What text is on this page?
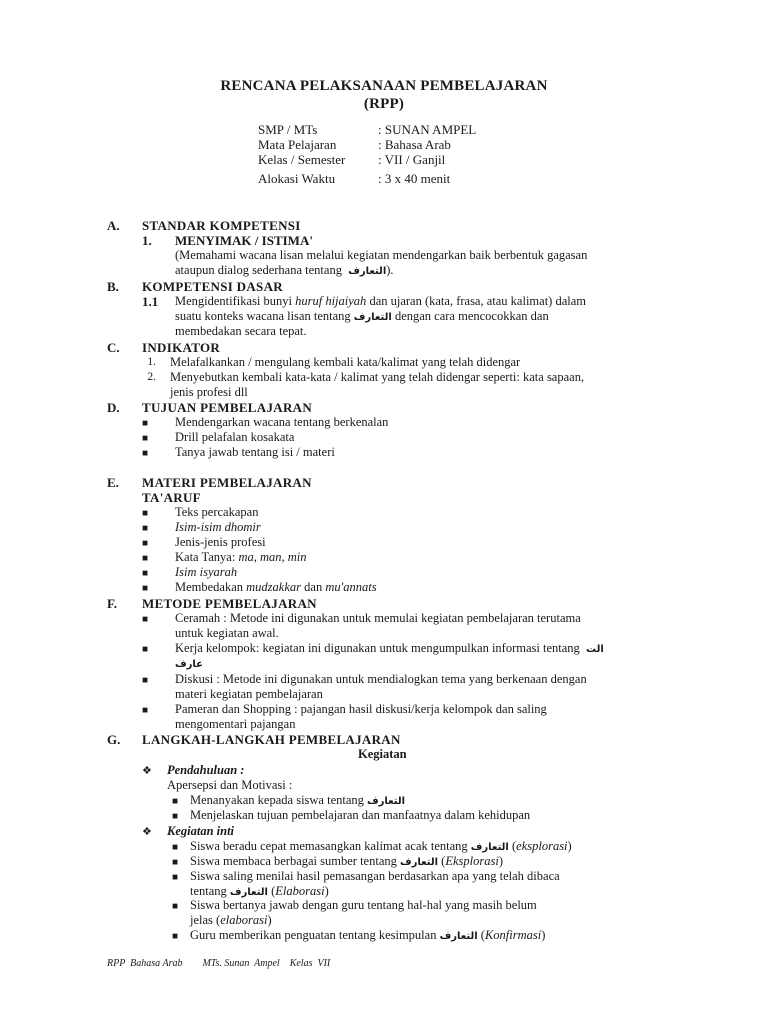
RENCANA PELAKSANAAN PEMBELAJARAN
(RPP)
SMP / MTs	: SUNAN AMPEL
Mata Pelajaran	: Bahasa Arab
Kelas / Semester	: VII / Ganjil
Alokasi Waktu	: 3 x 40 menit
A. STANDAR KOMPETENSI
1. MENYIMAK / ISTIMA'
(Memahami wacana lisan melalui kegiatan mendengarkan baik berbentuk gagasan
ataupun dialog sederhana tentang التعارف).
B. KOMPETENSI DASAR
1.1 Mengidentifikasi bunyi huruf hijaiyah dan ujaran (kata, frasa, atau kalimat) dalam
suatu konteks wacana lisan tentang التعارف dengan cara mencocokkan dan
membedakan secara tepat.
C. INDIKATOR
1. Melafalkankan / mengulang kembali kata/kalimat yang telah didengar
2. Menyebutkan kembali kata-kata / kalimat yang telah didengar seperti: kata sapaan,
jenis profesi dll
D. TUJUAN PEMBELAJARAN
■ Mendengarkan wacana tentang berkenalan
■ Drill pelafalan kosakata
■ Tanya jawab tentang isi / materi
E. MATERI PEMBELAJARAN
TA'ARUF
■ Teks percakapan
■ Isim-isim dhomir
■ Jenis-jenis profesi
■ Kata Tanya: ma, man, min
■ Isim isyarah
■ Membedakan mudzakkar dan mu'annats
F. METODE PEMBELAJARAN
■ Ceramah : Metode ini digunakan untuk memulai kegiatan pembelajaran terutama
untuk kegiatan awal.
■ Kerja kelompok: kegiatan ini digunakan untuk mengumpulkan informasi tentang الت
عارف
■ Diskusi : Metode ini digunakan untuk mendialogkan tema yang berkenaan dengan
materi kegiatan pembelajaran
■ Pameran dan Shopping : pajangan hasil diskusi/kerja kelompok dan saling
mengomentari pajangan
G. LANGKAH-LANGKAH PEMBELAJARAN
Kegiatan
❖ Pendahuluan :
Apersepsi dan Motivasi :
■ Menanyakan kepada siswa tentang التعارف
■ Menjelaskan tujuan pembelajaran dan manfaatnya dalam kehidupan
❖ Kegiatan inti
■ Siswa beradu cepat memasangkan kalimat acak tentang التعارف (eksplorasi)
■ Siswa membaca berbagai sumber tentang التعارف (Eksplorasi)
■ Siswa saling menilai hasil pemasangan berdasarkan apa yang telah dibaca
tentang التعارف (Elaborasi)
■ Siswa bertanya jawab dengan guru tentang hal-hal yang masih belum
jelas (elaborasi)
■ Guru memberikan penguatan tentang kesimpulan التعارف (Konfirmasi)
RPP  Bahasa Arab        MTs. Sunan  Ampel    Kelas  VII
